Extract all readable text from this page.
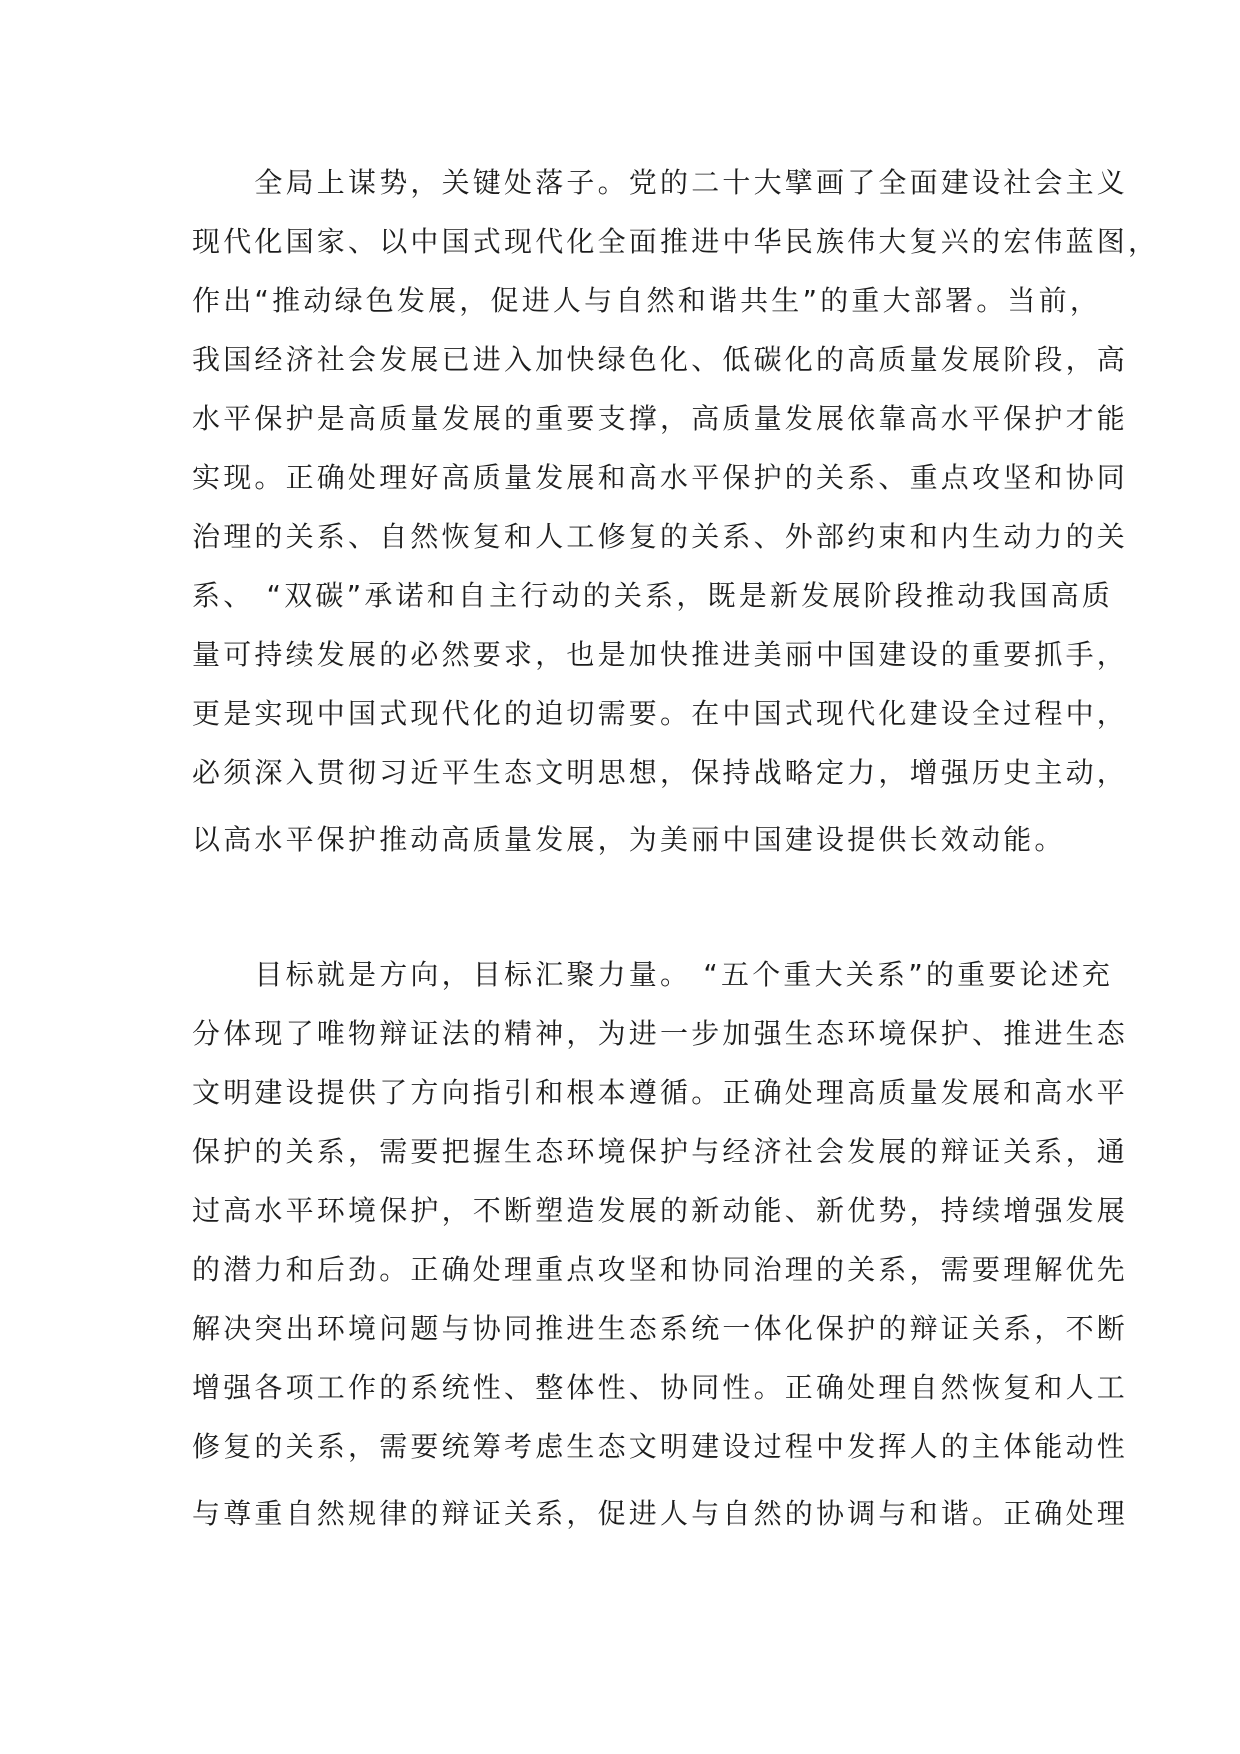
　　全局上谋势，关键处落子。党的二十大擘画了全面建设社会主义
现代化国家、以中国式现代化全面推进中华民族伟大复兴的宏伟蓝图，
作出“推动绿色发展，促进人与自然和谐共生”的重大部署。当前，
我国经济社会发展已进入加快绿色化、低碳化的高质量发展阶段，高
水平保护是高质量发展的重要支撑，高质量发展依靠高水平保护才能
实现。正确处理好高质量发展和高水平保护的关系、重点攻坚和协同
治理的关系、自然恢复和人工修复的关系、外部约束和内生动力的关
系、 “双碳”承诺和自主行动的关系，既是新发展阶段推动我国高质
量可持续发展的必然要求，也是加快推进美丽中国建设的重要抓手，
更是实现中国式现代化的迫切需要。在中国式现代化建设全过程中，
必须深入贯彻习近平生态文明思想，保持战略定力，增强历史主动，
以高水平保护推动高质量发展，为美丽中国建设提供长效动能。
　　目标就是方向，目标汇聚力量。 “五个重大关系”的重要论述充
分体现了唯物辩证法的精神，为进一步加强生态环境保护、推进生态
文明建设提供了方向指引和根本遵循。正确处理高质量发展和高水平
保护的关系，需要把握生态环境保护与经济社会发展的辩证关系，通
过高水平环境保护，不断塑造发展的新动能、新优势，持续增强发展
的潜力和后劲。正确处理重点攻坚和协同治理的关系，需要理解优先
解决突出环境问题与协同推进生态系统一体化保护的辩证关系，不断
增强各项工作的系统性、整体性、协同性。正确处理自然恢复和人工
修复的关系，需要统筹考虑生态文明建设过程中发挥人的主体能动性
与尊重自然规律的辩证关系，促进人与自然的协调与和谐。正确处理
